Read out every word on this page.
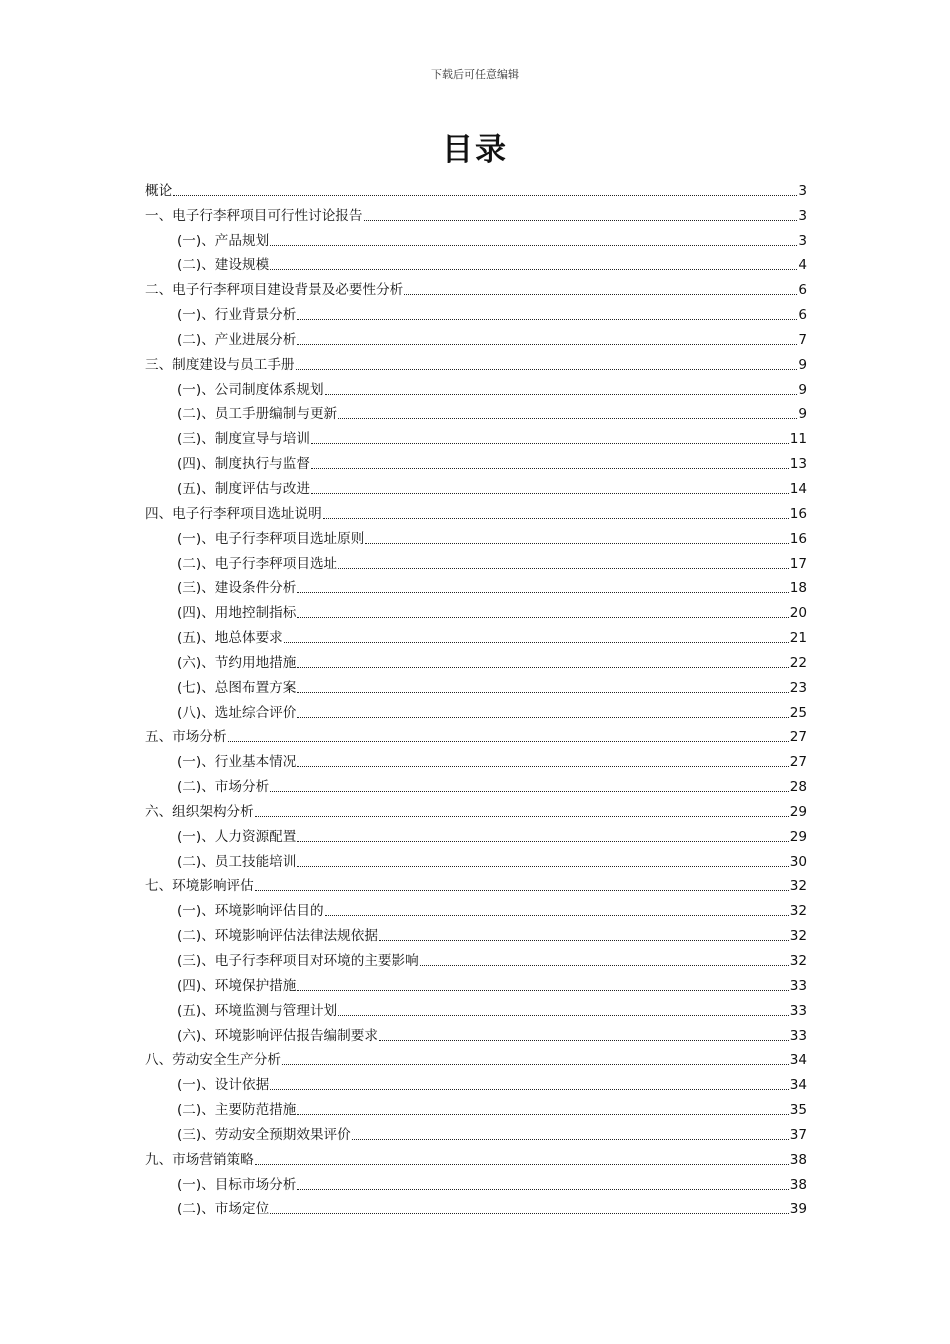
下载后可任意编辑
目录
概论	3
一、电子行李秤项目可行性讨论报告	3
(一)、产品规划	3
(二)、建设规模	4
二、电子行李秤项目建设背景及必要性分析	6
(一)、行业背景分析	6
(二)、产业进展分析	7
三、制度建设与员工手册	9
(一)、公司制度体系规划	9
(二)、员工手册编制与更新	9
(三)、制度宣导与培训	11
(四)、制度执行与监督	13
(五)、制度评估与改进	14
四、电子行李秤项目选址说明	16
(一)、电子行李秤项目选址原则	16
(二)、电子行李秤项目选址	17
(三)、建设条件分析	18
(四)、用地控制指标	20
(五)、地总体要求	21
(六)、节约用地措施	22
(七)、总图布置方案	23
(八)、选址综合评价	25
五、市场分析	27
(一)、行业基本情况	27
(二)、市场分析	28
六、组织架构分析	29
(一)、人力资源配置	29
(二)、员工技能培训	30
七、环境影响评估	32
(一)、环境影响评估目的	32
(二)、环境影响评估法律法规依据	32
(三)、电子行李秤项目对环境的主要影响	32
(四)、环境保护措施	33
(五)、环境监测与管理计划	33
(六)、环境影响评估报告编制要求	33
八、劳动安全生产分析	34
(一)、设计依据	34
(二)、主要防范措施	35
(三)、劳动安全预期效果评价	37
九、市场营销策略	38
(一)、目标市场分析	38
(二)、市场定位	39
